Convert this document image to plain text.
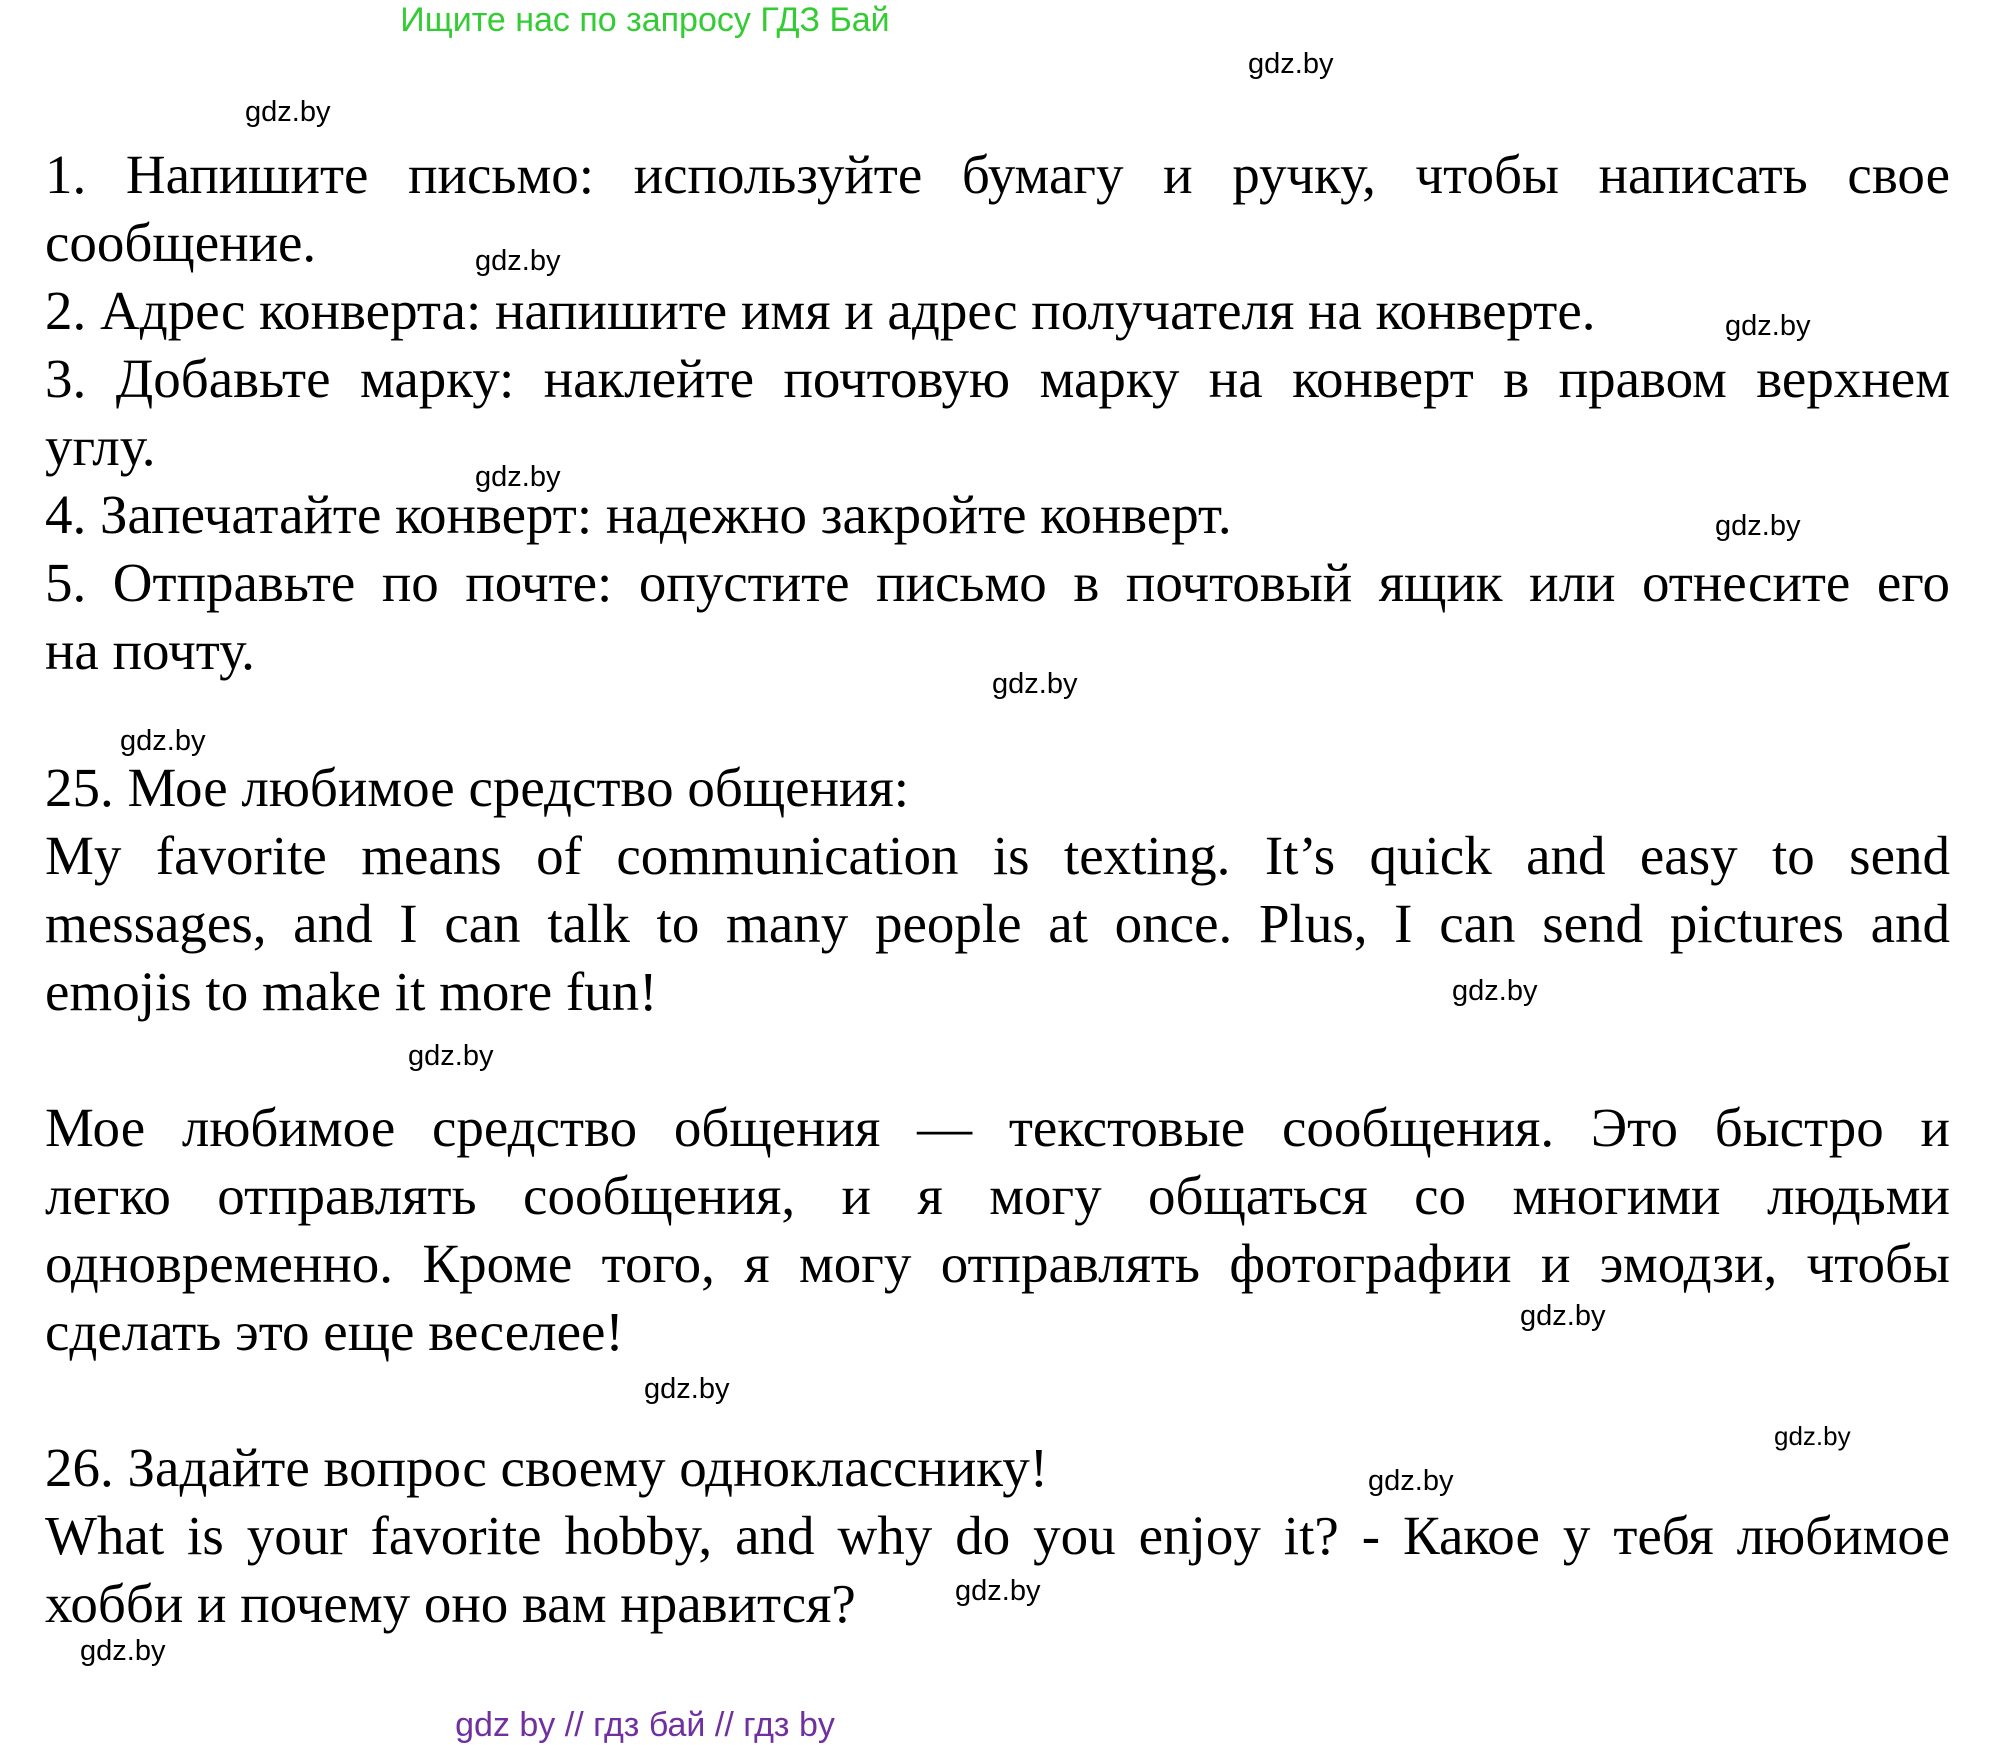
Ищите нас по запросу ГДЗ Бай
gdz.by
gdz.by
1. Напишите письмо: используйте бумагу и ручку, чтобы написать свое
сообщение.	gdz.by
2. Адрес конверта: напишите имя и адрес получателя на конверте.	gdz.by
3. Добавьте марку: наклейте почтовую марку на конверт в правом верхнем
углу.	gdz.by
4. Запечатайте конверт: надежно закройте конверт.	gdz.by
5. Отправьте по почте: опустите письмо в почтовый ящик или отнесите его
на почту.
gdz.by
gdz.by
25. Мое любимое средство общения:
My favorite means of communication is texting. It’s quick and easy to send
messages, and I can talk to many people at once. Plus, I can send pictures and
emojis to make it more fun!	gdz.by
gdz.by
Мое любимое средство общения — текстовые сообщения. Это быстро и
легко отправлять сообщения, и я могу общаться со многими людьми
одновременно. Кроме того, я могу отправлять фотографии и эмодзи, чтобы
сделать это еще веселее!	gdz.by
gdz.by
gdz.by
26. Задайте вопрос своему однокласснику!	gdz.by
What is your favorite hobby, and why do you enjoy it? - Какое у тебя любимое
хобби и почему оно вам нравится?	gdz.by
gdz.by
gdz by // гдз бай // гдз by
